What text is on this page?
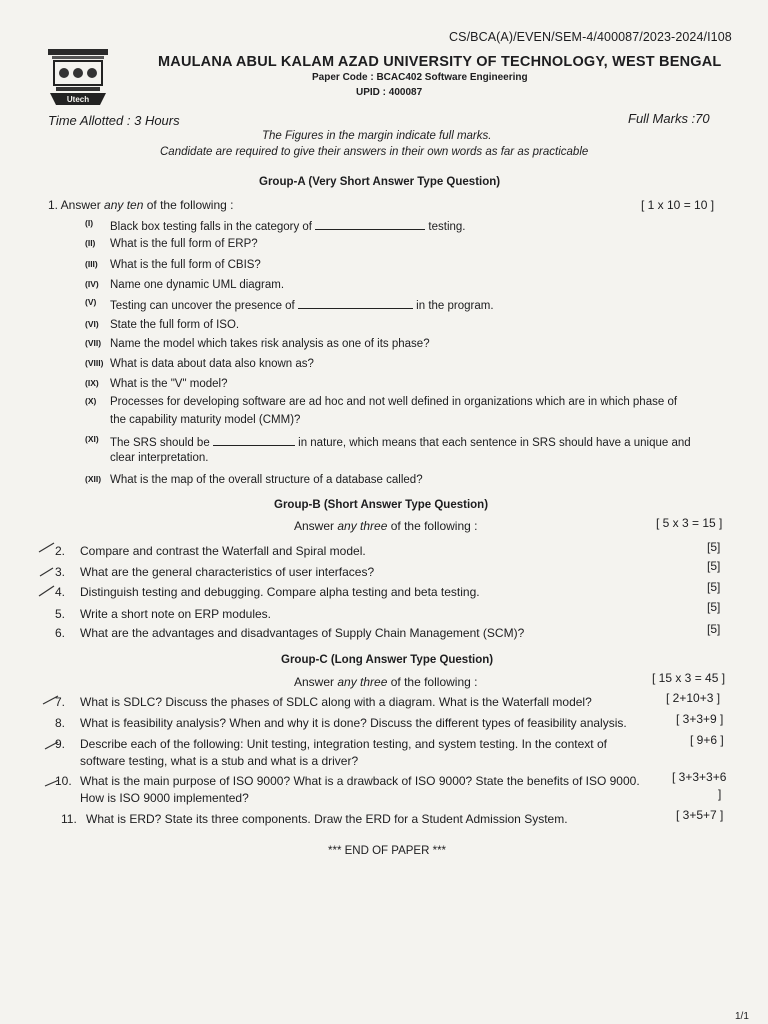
CS/BCA(A)/EVEN/SEM-4/400087/2023-2024/I108
Utech
MAULANA ABUL KALAM AZAD UNIVERSITY OF TECHNOLOGY, WEST BENGAL
Paper Code : BCAC402 Software Engineering
UPID : 400087
Time Allotted : 3 Hours	Full Marks :70
The Figures in the margin indicate full marks.
Candidate are required to give their answers in their own words as far as practicable
Group-A (Very Short Answer Type Question)
1. Answer any ten of the following :	[ 1 x 10 = 10 ]
(I) Black box testing falls in the category of	testing.
(II) What is the full form of ERP?
(III) What is the full form of CBIS?
(IV) Name one dynamic UML diagram.
(V) Testing can uncover the presence of	in the program.
(VI) State the full form of ISO.
(VII) Name the model which takes risk analysis as one of its phase?
(VIII) What is data about data also known as?
(IX) What is the "V" model?
(X) Processes for developing software are ad hoc and not well defined in organizations which are in which phase of
the capability maturity model (CMM)?
(XI) The SRS should be	in nature, which means that each sentence in SRS should have a unique and
clear interpretation.
(XII) What is the map of the overall structure of a database called?
Group-B (Short Answer Type Question)
Answer any three of the following :	[ 5 x 3 = 15 ]
2. Compare and contrast the Waterfall and Spiral model.	[5]
3. What are the general characteristics of user interfaces?	[5]
4. Distinguish testing and debugging. Compare alpha testing and beta testing.	[5]
5. Write a short note on ERP modules.	[5]
6. What are the advantages and disadvantages of Supply Chain Management (SCM)?	[5]
Group-C (Long Answer Type Question)
Answer any three of the following :	[ 15 x 3 = 45 ]
7. What is SDLC? Discuss the phases of SDLC along with a diagram. What is the Waterfall model?	[ 2+10+3 ]
8. What is feasibility analysis? When and why it is done? Discuss the different types of feasibility analysis.	[ 3+3+9 ]
9. Describe each of the following: Unit testing, integration testing, and system testing. In the context of
software testing, what is a stub and what is a driver?
[ 9+6 ]
10. What is the main purpose of ISO 9000? What is a drawback of ISO 9000? State the benefits of ISO 9000.
How is ISO 9000 implemented?
[ 3+3+3+6
]
11. What is ERD? State its three components. Draw the ERD for a Student Admission System.	[ 3+5+7 ]
*** END OF PAPER ***
1/1
